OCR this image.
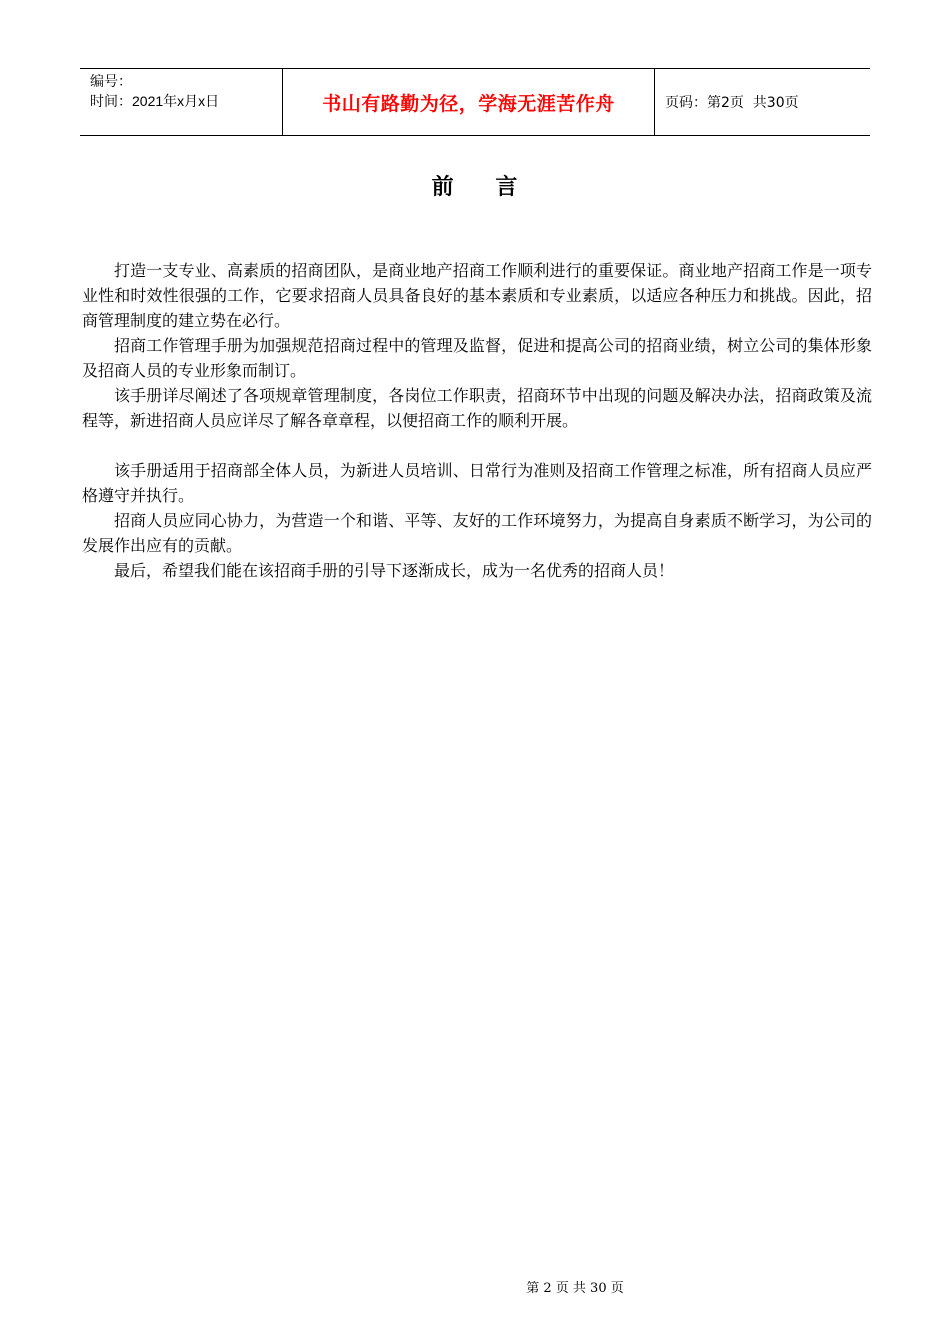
编号：
时间：2021年x月x日	书山有路勤为径，学海无涯苦作舟	页码：第2页  共30页
前 言

打造一支专业、高素质的招商团队，是商业地产招商工作顺利进行的重要保证。商业地产招商工作是一项专业性和时效性很强的工作，它要求招商人员具备良好的基本素质和专业素质，以适应各种压力和挑战。因此，招商管理制度的建立势在必行。

招商工作管理手册为加强规范招商过程中的管理及监督，促进和提高公司的招商业绩，树立公司的集体形象及招商人员的专业形象而制订。

该手册详尽阐述了各项规章管理制度，各岗位工作职责，招商环节中出现的问题及解决办法，招商政策及流程等，新进招商人员应详尽了解各章章程，以便招商工作的顺利开展。

该手册适用于招商部全体人员，为新进人员培训、日常行为准则及招商工作管理之标准，所有招商人员应严格遵守并执行。

招商人员应同心协力，为营造一个和谐、平等、友好的工作环境努力，为提高自身素质不断学习，为公司的发展作出应有的贡献。

最后，希望我们能在该招商手册的引导下逐渐成长，成为一名优秀的招商人员！

第 2 页 共 30 页
